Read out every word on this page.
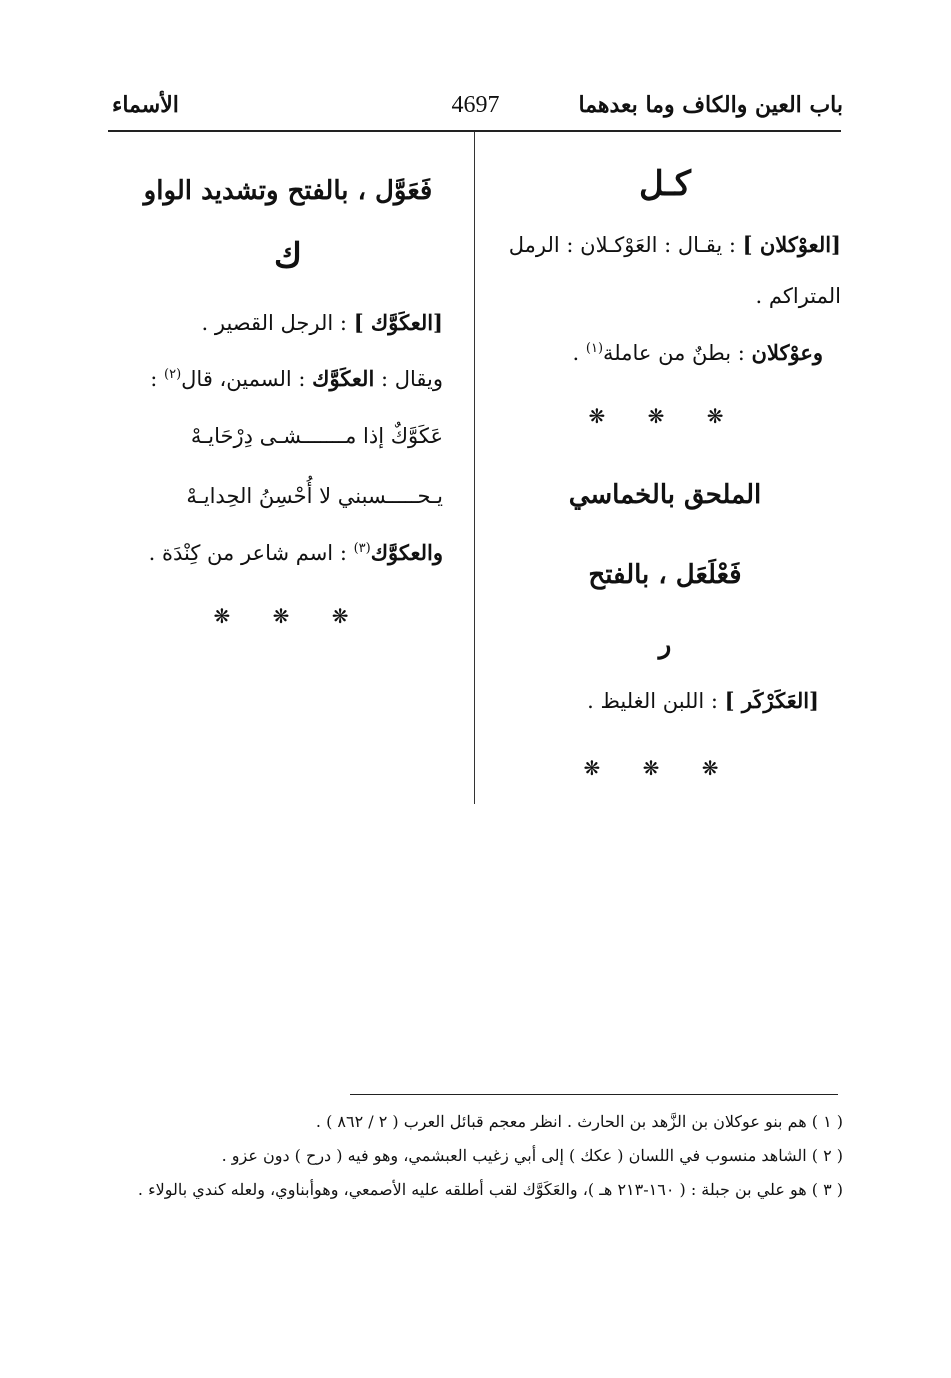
باب العين والكاف وما بعدهما
4697
الأسماء
كـل
[العوْكلان ] : يقـال : العَوْكـلان : الرمل
المتراكم .
وعوْكلان : بطنٌ من عاملة$^{(١)}$ .
❋ ❋ ❋
الملحق بالخماسي
فَعْلَعَل ، بالفتح
ر
[العَكَرْكَر ] : اللبن الغليظ .
❋ ❋ ❋
فَعَوَّل ، بالفتح وتشديد الواو
ك
[العكَوَّك ] : الرجل القصير .
ويقال : العكَوَّك : السمين، قال$^{(٢)}$ :
عَكَوَّكٌ إذا مـــــــشـى دِرْحَايـهْ
يـحـــــسبني لا أُحْسِنُ الحِدايـهْ
والعكوَّك$^{(٣)}$ : اسم شاعر من كِنْدَة .
❋ ❋ ❋
( ١ ) هم بنو عوكلان بن الزَّهد بن الحارث . انظر معجم قبائل العرب ( ٢ / ٨٦٢ ) .
( ٢ ) الشاهد منسوب في اللسان ( عكك ) إلى أبي زغيب العبشمي، وهو فيه ( درح ) دون عزو .
( ٣ ) هو علي بن جبلة : ( ١٦٠-٢١٣ هـ )، والعَكَوَّك لقب أطلقه عليه الأصمعي، وهوأبناوي، ولعله كندي بالولاء .
